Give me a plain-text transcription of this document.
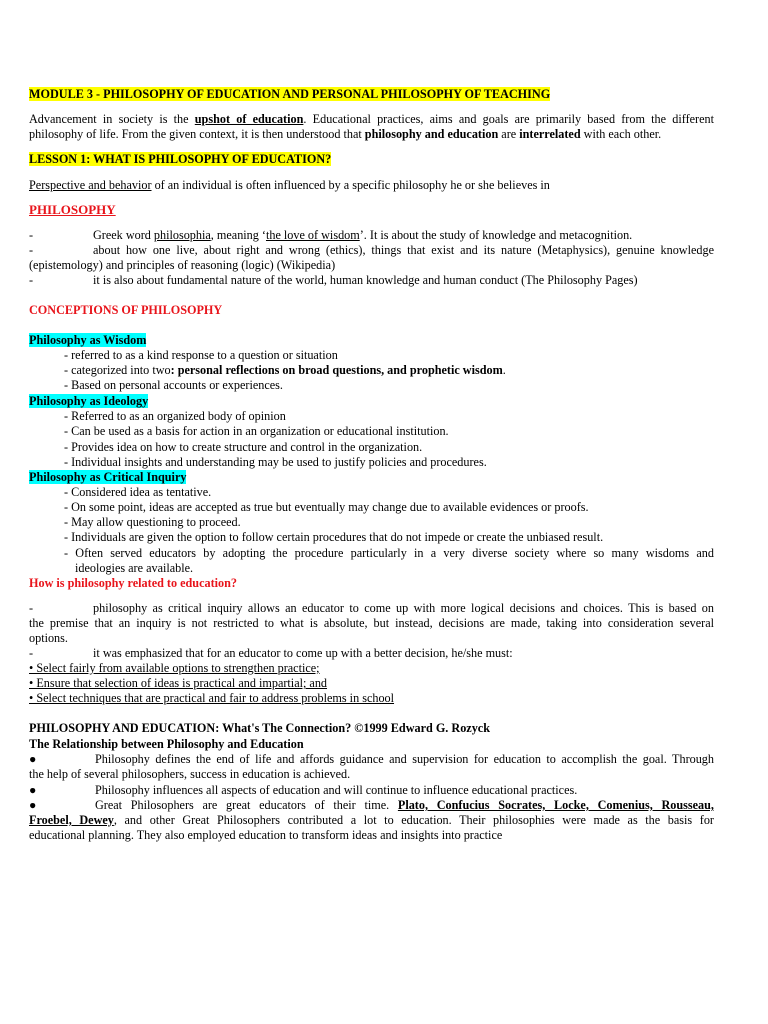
MODULE 3 - PHILOSOPHY OF EDUCATION AND PERSONAL PHILOSOPHY OF TEACHING
Advancement in society is the upshot of education. Educational practices, aims and goals are primarily based from the different
philosophy of life. From the given context, it is then understood that philosophy and education are interrelated with each other.
LESSON 1: WHAT IS PHILOSOPHY OF EDUCATION?
Perspective and behavior of an individual is often influenced by a specific philosophy he or she believes in
PHILOSOPHY
-	Greek word philosophia, meaning ‘the love of wisdom’. It is about the study of knowledge and metacognition.
-	about how one live, about right and wrong (ethics), things that exist and its nature (Metaphysics), genuine knowledge
(epistemology) and principles of reasoning (logic) (Wikipedia)
-	it is also about fundamental nature of the world, human knowledge and human conduct (The Philosophy Pages)
CONCEPTIONS OF PHILOSOPHY
Philosophy as Wisdom
- referred to as a kind response to a question or situation
- categorized into two: personal reflections on broad questions, and prophetic wisdom.
- Based on personal accounts or experiences.
Philosophy as Ideology
- Referred to as an organized body of opinion
- Can be used as a basis for action in an organization or educational institution.
- Provides idea on how to create structure and control in the organization.
- Individual insights and understanding may be used to justify policies and procedures.
Philosophy as Critical Inquiry
- Considered idea as tentative.
- On some point, ideas are accepted as true but eventually may change due to available evidences or proofs.
- May allow questioning to proceed.
- Individuals are given the option to follow certain procedures that do not impede or create the unbiased result.
- Often served educators by adopting the procedure particularly in a very diverse society where so many wisdoms and
ideologies are available.
How is philosophy related to education?
-	philosophy as critical inquiry allows an educator to come up with more logical decisions and choices. This is based on
the premise that an inquiry is not restricted to what is absolute, but instead, decisions are made, taking into consideration several
options.
-	it was emphasized that for an educator to come up with a better decision, he/she must:
• Select fairly from available options to strengthen practice;
• Ensure that selection of ideas is practical and impartial; and
• Select techniques that are practical and fair to address problems in school
PHILOSOPHY AND EDUCATION: What's The Connection? ©1999 Edward G. Rozyck
The Relationship between Philosophy and Education
●	Philosophy defines the end of life and affords guidance and supervision for education to accomplish the goal. Through
the help of several philosophers, success in education is achieved.
●	Philosophy influences all aspects of education and will continue to influence educational practices.
●	Great Philosophers are great educators of their time. Plato, Confucius Socrates, Locke, Comenius, Rousseau,
Froebel, Dewey, and other Great Philosophers contributed a lot to education. Their philosophies were made as the basis for
educational planning. They also employed education to transform ideas and insights into practice
